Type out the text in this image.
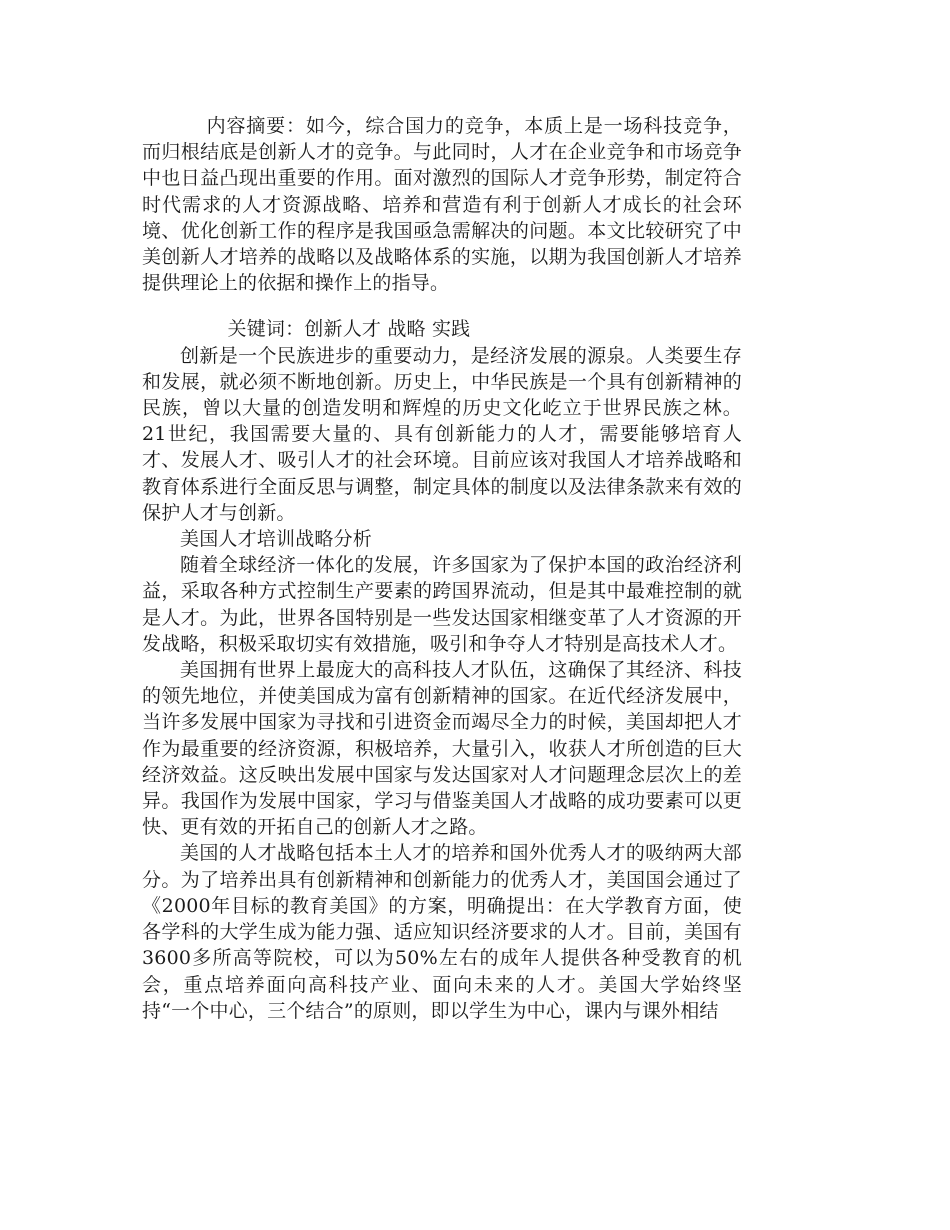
内容摘要：如今，综合国力的竞争，本质上是一场科技竞争，而归根结底是创新人才的竞争。与此同时，人才在企业竞争和市场竞争中也日益凸现出重要的作用。面对激烈的国际人才竞争形势，制定符合时代需求的人才资源战略、培养和营造有利于创新人才成长的社会环境、优化创新工作的程序是我国亟急需解决的问题。本文比较研究了中美创新人才培养的战略以及战略体系的实施，以期为我国创新人才培养提供理论上的依据和操作上的指导。

关键词：创新人才 战略 实践

创新是一个民族进步的重要动力，是经济发展的源泉。人类要生存和发展，就必须不断地创新。历史上，中华民族是一个具有创新精神的民族，曾以大量的创造发明和辉煌的历史文化屹立于世界民族之林。21世纪，我国需要大量的、具有创新能力的人才，需要能够培育人才、发展人才、吸引人才的社会环境。目前应该对我国人才培养战略和教育体系进行全面反思与调整，制定具体的制度以及法律条款来有效的保护人才与创新。

美国人才培训战略分析

随着全球经济一体化的发展，许多国家为了保护本国的政治经济利益，采取各种方式控制生产要素的跨国界流动，但是其中最难控制的就是人才。为此，世界各国特别是一些发达国家相继变革了人才资源的开发战略，积极采取切实有效措施，吸引和争夺人才特别是高技术人才。

美国拥有世界上最庞大的高科技人才队伍，这确保了其经济、科技的领先地位，并使美国成为富有创新精神的国家。在近代经济发展中，当许多发展中国家为寻找和引进资金而竭尽全力的时候，美国却把人才作为最重要的经济资源，积极培养，大量引入，收获人才所创造的巨大经济效益。这反映出发展中国家与发达国家对人才问题理念层次上的差异。我国作为发展中国家，学习与借鉴美国人才战略的成功要素可以更快、更有效的开拓自己的创新人才之路。

美国的人才战略包括本土人才的培养和国外优秀人才的吸纳两大部分。为了培养出具有创新精神和创新能力的优秀人才，美国国会通过了《2000年目标的教育美国》的方案，明确提出：在大学教育方面，使各学科的大学生成为能力强、适应知识经济要求的人才。目前，美国有3600多所高等院校，可以为50%左右的成年人提供各种受教育的机会，重点培养面向高科技产业、面向未来的人才。美国大学始终坚持“一个中心，三个结合”的原则，即以学生为中心，课内与课外相结
